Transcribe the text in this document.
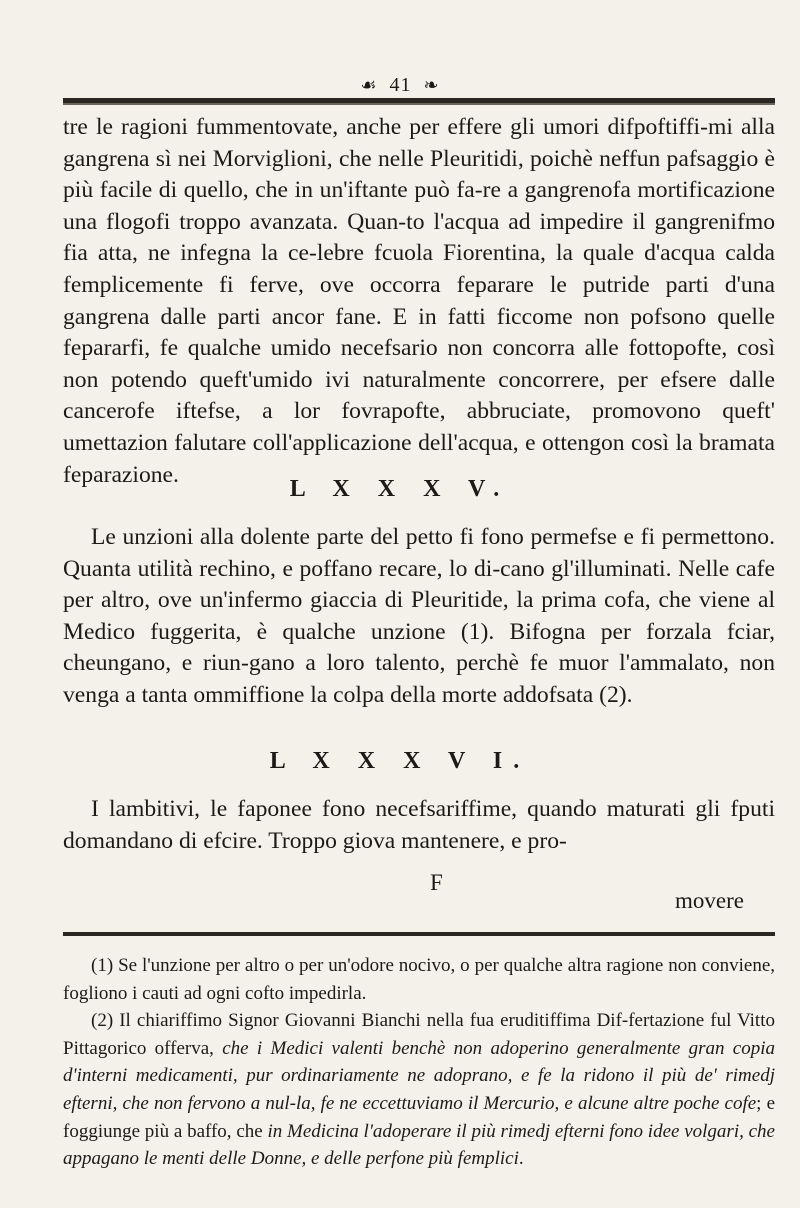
☙ 41 ❧

tre le ragioni fummentovate, anche per effere gli umori difpoftiffi-mi alla gangrena sì nei Morviglioni, che nelle Pleuritidi, poichè neffun pafsaggio è più facile di quello, che in un'iftante può fa-re a gangrenofa mortificazione una flogofi troppo avanzata. Quan-to l'acqua ad impedire il gangrenifmo fia atta, ne infegna la ce-lebre fcuola Fiorentina, la quale d'acqua calda femplicemente fi ferve, ove occorra feparare le putride parti d'una gangrena dalle parti ancor fane. E in fatti ficcome non pofsono quelle fepararfi, fe qualche umido necefsario non concorra alle fottopofte, così non potendo queft'umido ivi naturalmente concorrere, per efsere dalle cancerofe iftefse, a lor fovrapofte, abbruciate, promovono queft' umettazion falutare coll'applicazione dell'acqua, e ottengon così la bramata feparazione.

L X X X V.

Le unzioni alla dolente parte del petto fi fono permefse e fi permettono. Quanta utilità rechino, e poffano recare, lo di-cano gl'illuminati. Nelle cafe per altro, ove un'infermo giaccia di Pleuritide, la prima cofa, che viene al Medico fuggerita, è qualche unzione (1). Bifogna per forzala fciar, cheungano, e riun-gano a loro talento, perchè fe muor l'ammalato, non venga a tanta ommiffione la colpa della morte addofsata (2).

L X X X V I.

I lambitivi, le faponee fono necefsariffime, quando maturati gli fputi domandano di efcire. Troppo giova mantenere, e pro-

F
movere

(1) Se l'unzione per altro o per un'odore nocivo, o per qualche altra ragione non conviene, fogliono i cauti ad ogni cofto impedirla.

(2) Il chiariffimo Signor Giovanni Bianchi nella fua eruditiffima Dif-fertazione ful Vitto Pittagorico offerva, che i Medici valenti benchè non adoperino generalmente gran copia d'interni medicamenti, pur ordinariamente ne adoprano, e fe la ridono il più de' rimedj efterni, che non fervono a nul-la, fe ne eccettuviamo il Mercurio, e alcune altre poche cofe; e foggiunge più a baffo, che in Medicina l'adoperare il più rimedj efterni fono idee volgari, che appagano le menti delle Donne, e delle perfone più femplici.
